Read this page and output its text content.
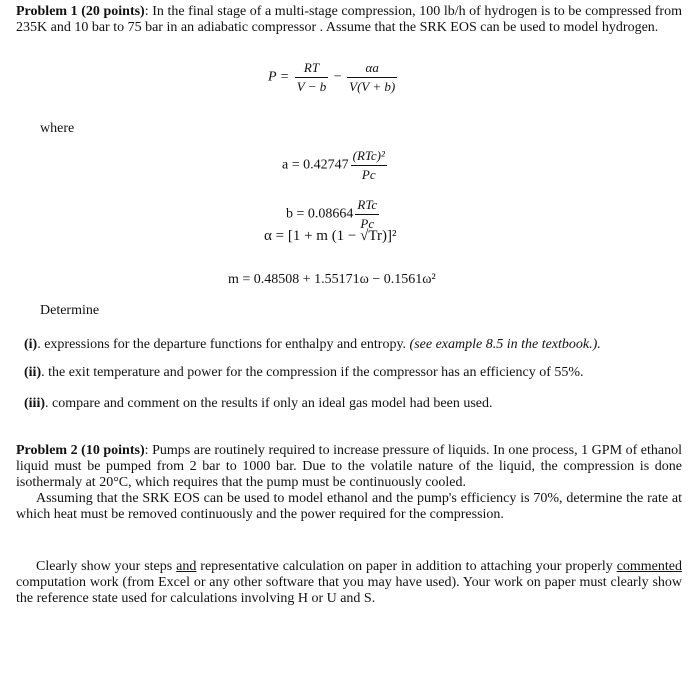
Problem 1 (20 points): In the final stage of a multi-stage compression, 100 lb/h of hydrogen is to be compressed from 235K and 10 bar to 75 bar in an adiabatic compressor . Assume that the SRK EOS can be used to model hydrogen.
$P = \frac{RT}{V - b} - \frac{\alpha a}{V(V + b)}$
where
$a = 0.42747 \frac{\text{(RTc)²}}{Pc}$
$b = 0.08664 \frac{\text{RTc}}{Pc}$
α = [1 + m (1 − √Tr)]²
m = 0.48508 + 1.55171ω − 0.1561ω²
Determine
(i). expressions for the departure functions for enthalpy and entropy. (see example 8.5 in the textbook.).
(ii). the exit temperature and power for the compression if the compressor has an efficiency of 55%.
(iii). compare and comment on the results if only an ideal gas model had been used.
Problem 2 (10 points): Pumps are routinely required to increase pressure of liquids. In one process, 1 GPM of ethanol liquid must be pumped from 2 bar to 1000 bar. Due to the volatile nature of the liquid, the compression is done isothermaly at 20°C, which requires that the pump must be continuously cooled.
Assuming that the SRK EOS can be used to model ethanol and the pump's efficiency is 70%, determine the rate at which heat must be removed continuously and the power required for the compression.
Clearly show your steps and representative calculation on paper in addition to attaching your properly commented computation work (from Excel or any other software that you may have used). Your work on paper must clearly show the reference state used for calculations involving H or U and S.
